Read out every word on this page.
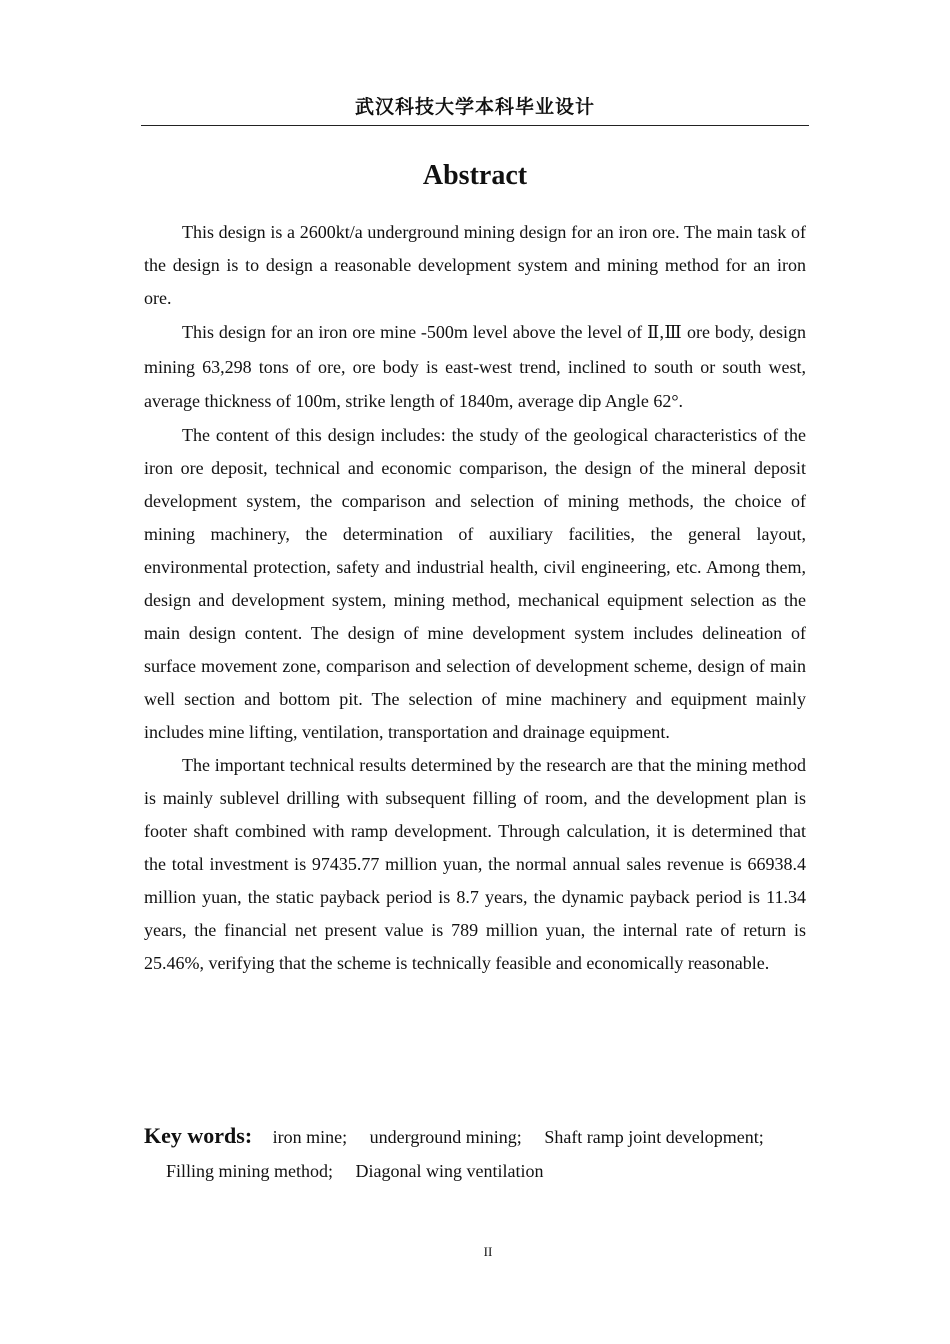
武汉科技大学本科毕业设计
Abstract

This design is a 2600kt/a underground mining design for an iron ore. The main task of the design is to design a reasonable development system and mining method for an iron ore.

This design for an iron ore mine -500m level above the level of Ⅱ,Ⅲ ore body, design mining 63,298 tons of ore, ore body is east-west trend, inclined to south or south west, average thickness of 100m, strike length of 1840m, average dip Angle 62°.

The content of this design includes: the study of the geological characteristics of the iron ore deposit, technical and economic comparison, the design of the mineral deposit development system, the comparison and selection of mining methods, the choice of mining machinery, the determination of auxiliary facilities, the general layout, environmental protection, safety and industrial health, civil engineering, etc. Among them, design and development system, mining method, mechanical equipment selection as the main design content. The design of mine development system includes delineation of surface movement zone, comparison and selection of development scheme, design of main well section and bottom pit. The selection of mine machinery and equipment mainly includes mine lifting, ventilation, transportation and drainage equipment.

The important technical results determined by the research are that the mining method is mainly sublevel drilling with subsequent filling of room, and the development plan is footer shaft combined with ramp development. Through calculation, it is determined that the total investment is 97435.77 million yuan, the normal annual sales revenue is 66938.4 million yuan, the static payback period is 8.7 years, the dynamic payback period is 11.34 years, the financial net present value is 789 million yuan, the internal rate of return is 25.46%, verifying that the scheme is technically feasible and economically reasonable.

Key words: iron mine; underground mining; Shaft ramp joint development;
Filling mining method; Diagonal wing ventilation
II
